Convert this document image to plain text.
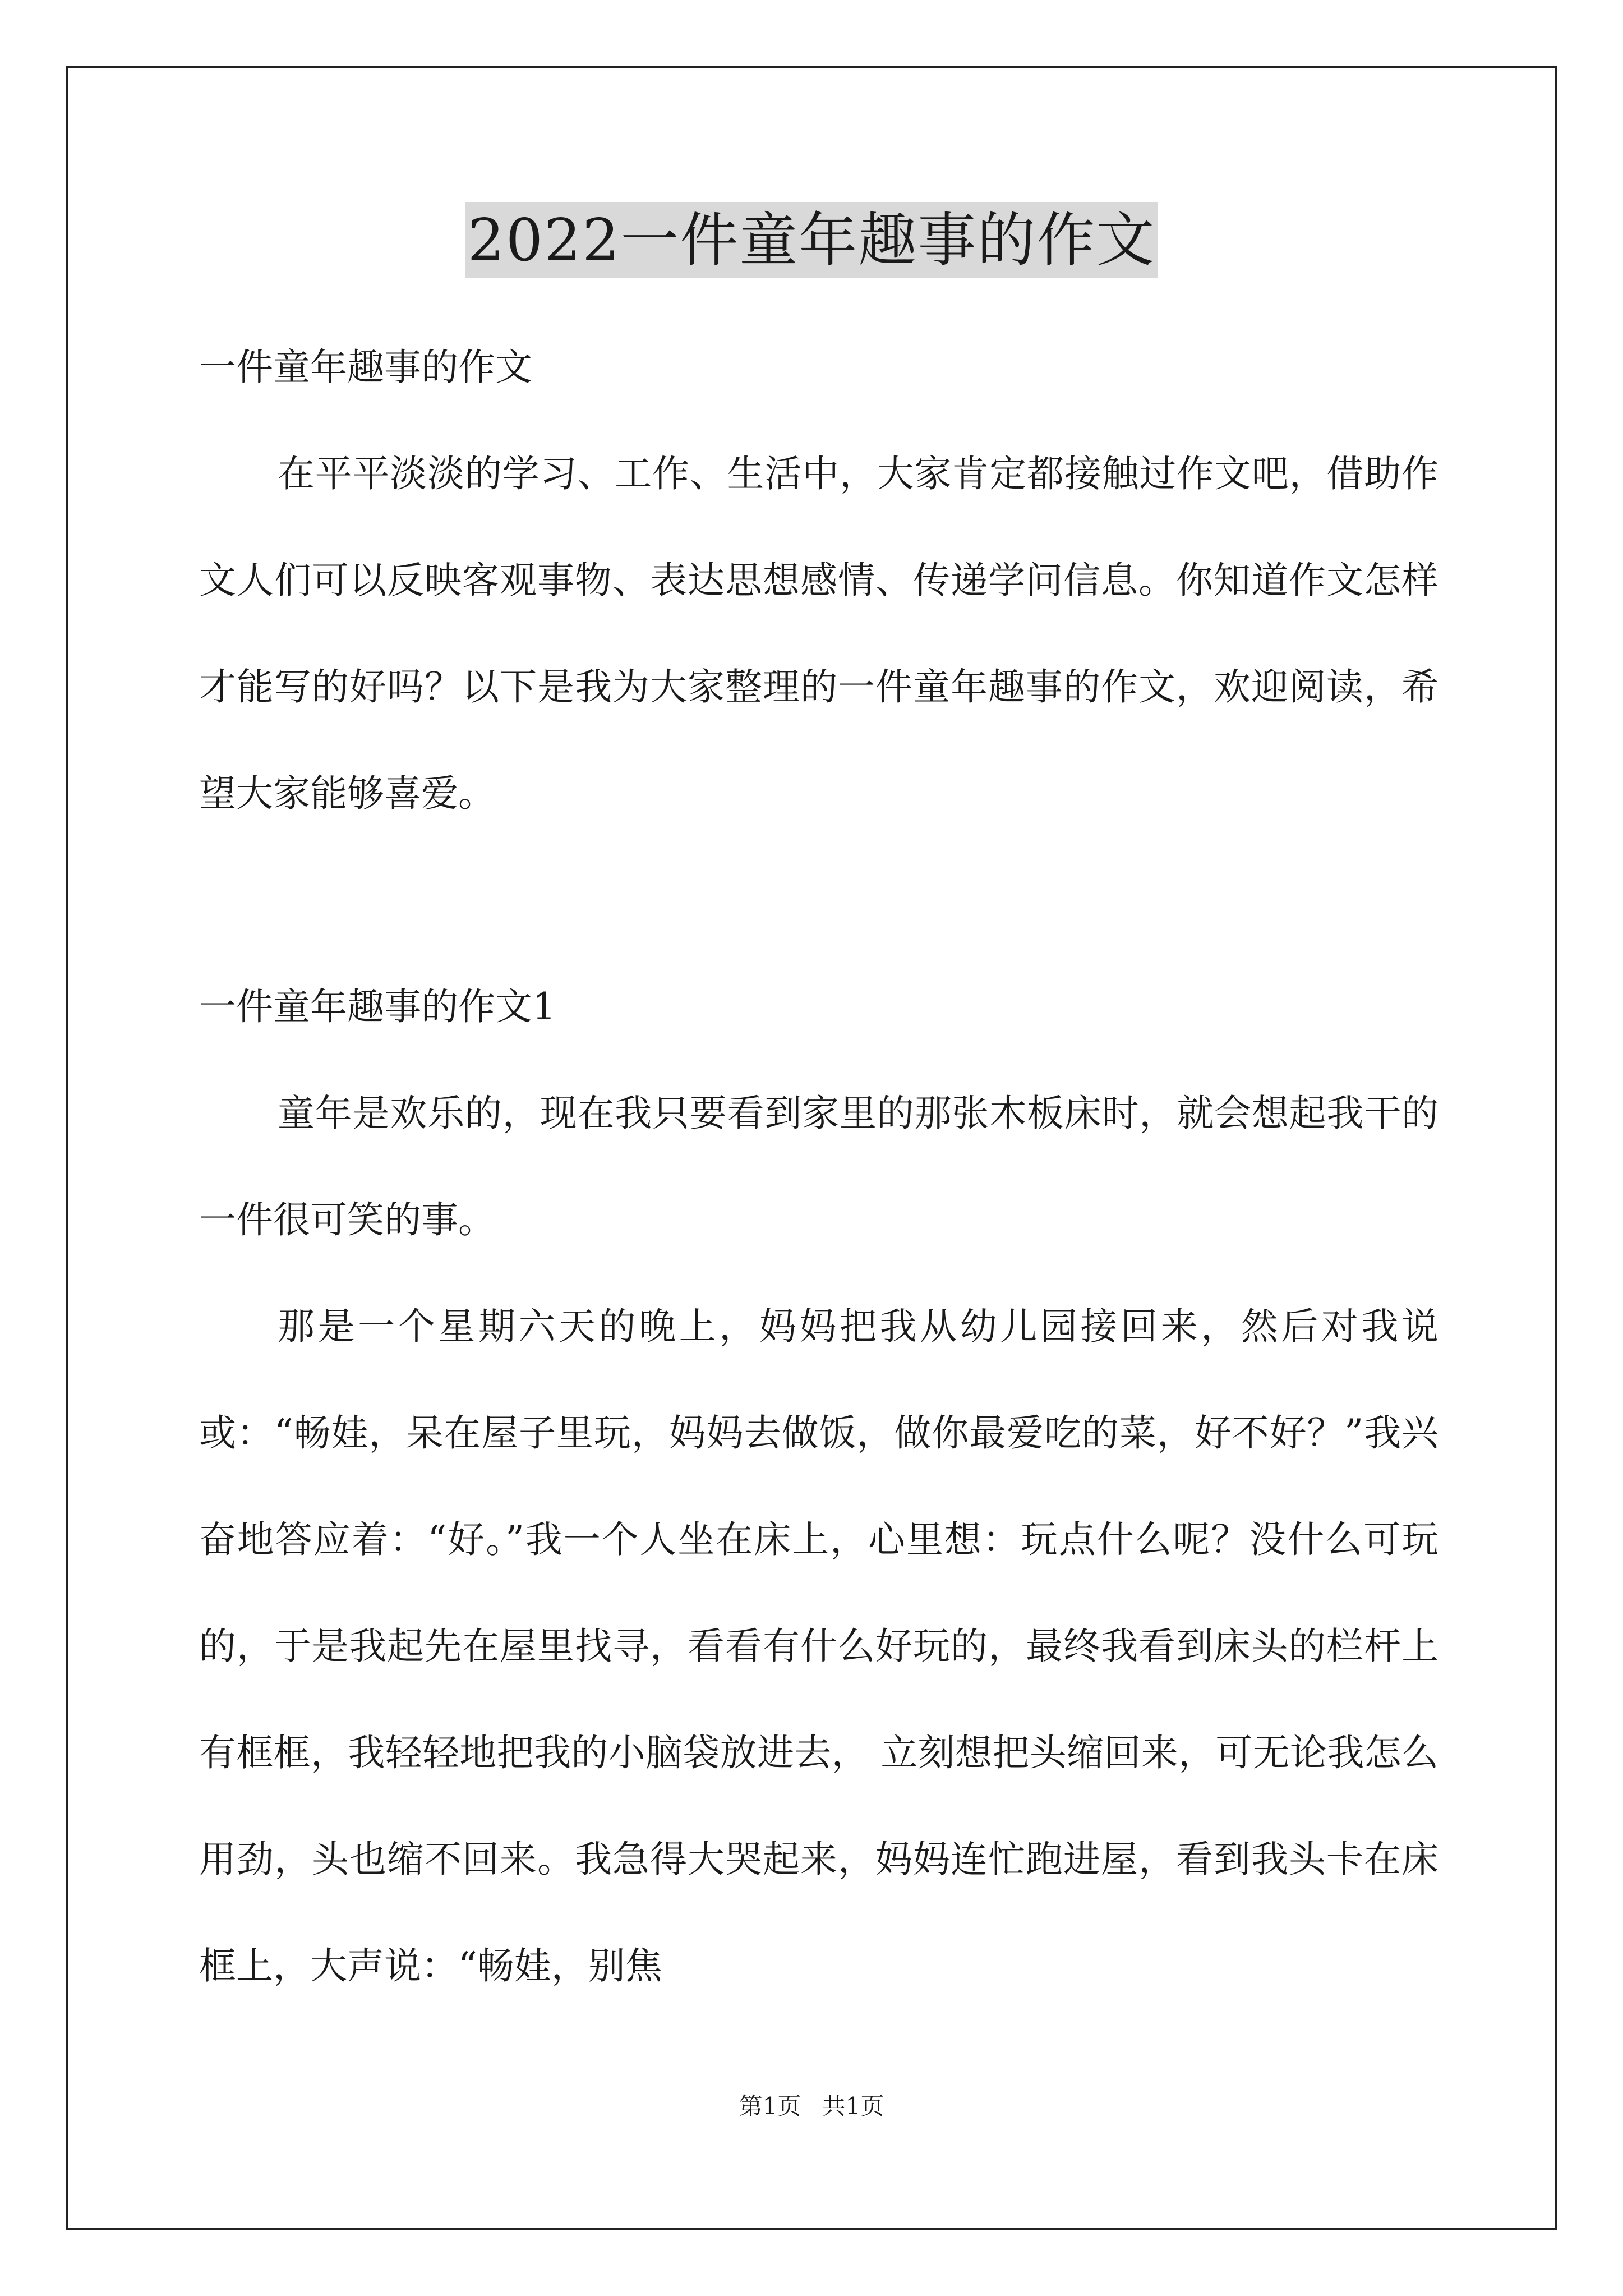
2022一件童年趣事的作文

一件童年趣事的作文

在平平淡淡的学习、工作、生活中，大家肯定都接触过作文吧，借助作文人们可以反映客观事物、表达思想感情、传递学问信息。你知道作文怎样才能写的好吗？以下是我为大家整理的一件童年趣事的作文，欢迎阅读，希望大家能够喜爱。

一件童年趣事的作文1

童年是欢乐的，现在我只要看到家里的那张木板床时，就会想起我干的一件很可笑的事。

那是一个星期六天的晚上，妈妈把我从幼儿园接回来，然后对我说或：“畅娃，呆在屋子里玩，妈妈去做饭，做你最爱吃的菜，好不好？”我兴奋地答应着：“好。”我一个人坐在床上，心里想：玩点什么呢？没什么可玩的，于是我起先在屋里找寻，看看有什么好玩的，最终我看到床头的栏杆上有框框，我轻轻地把我的小脑袋放进去， 立刻想把头缩回来，可无论我怎么用劲，头也缩不回来。我急得大哭起来，妈妈连忙跑进屋，看到我头卡在床框上，大声说：“畅娃，别焦

第1页 共1页
